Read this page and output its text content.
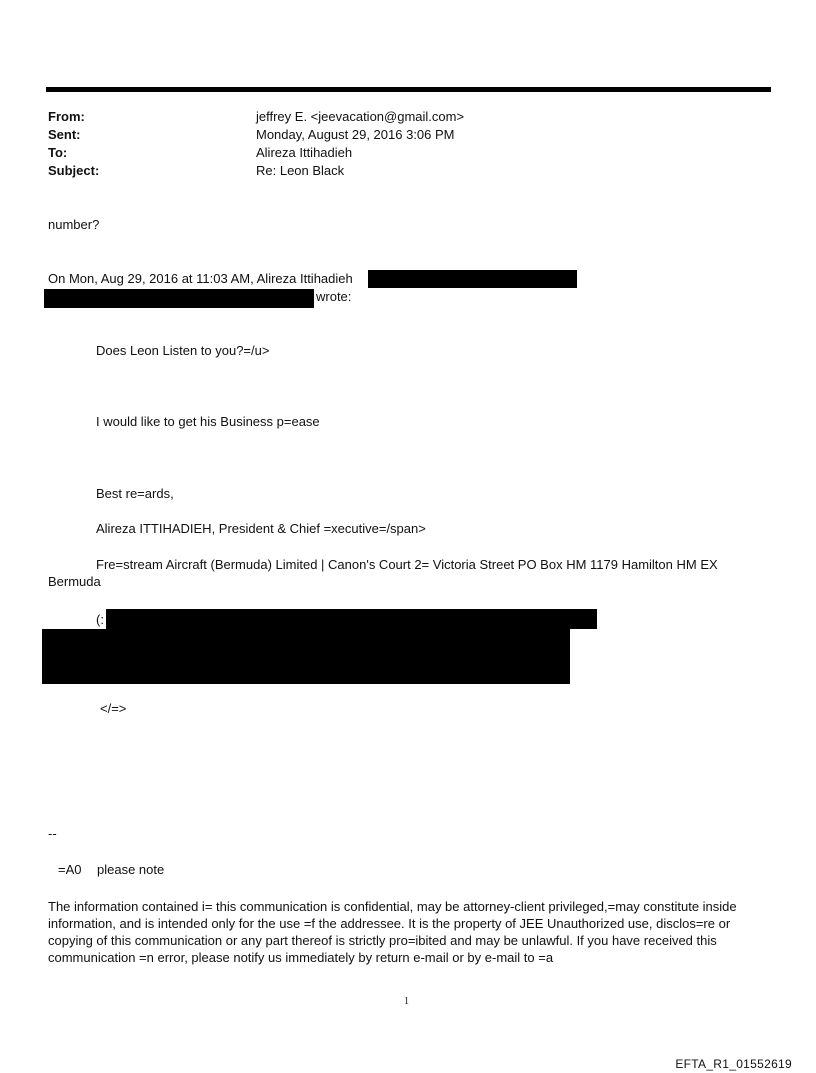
From:	jeffrey E. <jeevacation@gmail.com>
Sent:	Monday, August 29, 2016 3:06 PM
To:	Alireza Ittihadieh
Subject:	Re: Leon Black
number?
On Mon, Aug 29, 2016 at 11:03 AM, Alireza Ittihadieh
wrote:
Does Leon Listen to you?=/u>
I would like to get his Business p=ease
Best re=ards,
Alireza ITTIHADIEH, President & Chief =xecutive=/span>
Fre=stream Aircraft (Bermuda) Limited | Canon's Court 2= Victoria Street PO Box HM 1179 Hamilton HM EX
Bermuda
(:
</=>
--
=A0 please note
The information contained i= this communication is confidential, may be attorney-client privileged,=may constitute inside information, and is intended only for the use =f the addressee. It is the property of JEE Unauthorized use, disclos=re or copying of this communication or any part thereof is strictly pro=ibited and may be unlawful. If you have received this communication =n error, please notify us immediately by return e-mail or by e-mail to =a
1
EFTA_R1_01552619
